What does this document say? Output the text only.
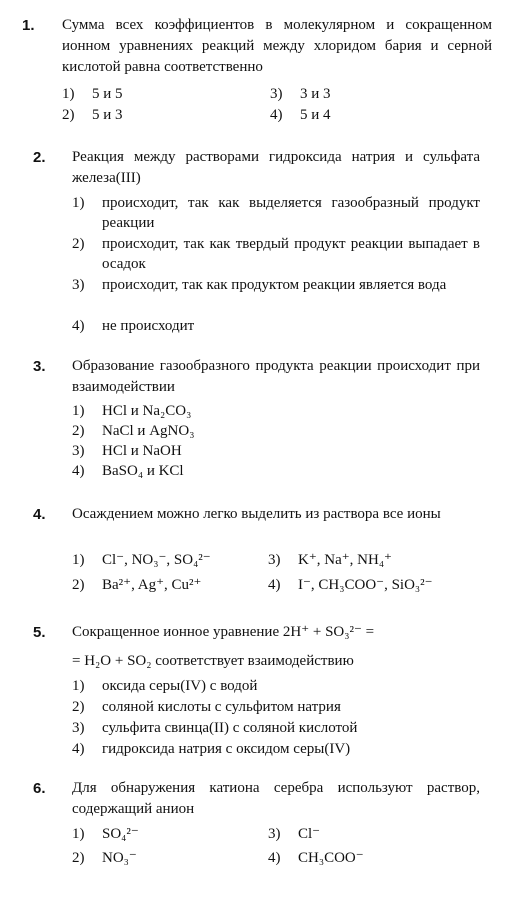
1. Сумма всех коэффициентов в молекулярном и сокращенном ионном уравнениях реакций между хлоридом бария и серной кислотой равна соответственно
1) 5 и 5
2) 5 и 3
3) 3 и 3
4) 5 и 4
2. Реакция между растворами гидроксида натрия и сульфата железа(III)
1)	происходит, так как выделяется газообразный продукт реакции
2)	происходит, так как твердый продукт реакции выпадает в осадок
3)	происходит, так как продуктом реакции является вода
4)	не происходит
3. Образование газообразного продукта реакции происходит при взаимодействии
1) HCl и Na₂CO₃
2) NaCl и AgNO₃
3) HCl и NaOH
4) BaSO₄ и KCl
4. Осаждением можно легко выделить из раствора все ионы
1) Cl⁻, NO₃⁻, SO₄²⁻
2) Ba²⁺, Ag⁺, Cu²⁺
3) K⁺, Na⁺, NH₄⁺
4) I⁻, CH₃COO⁻, SiO₃²⁻
5. Сокращенное ионное уравнение 2H⁺ + SO₃²⁻ =
= H₂O + SO₂ соответствует взаимодействию
1) оксида серы(IV) с водой
2) соляной кислоты с сульфитом натрия
3) сульфита свинца(II) с соляной кислотой
4) гидроксида натрия с оксидом серы(IV)
6. Для обнаружения катиона серебра используют раствор, содержащий анион
1) SO₄²⁻
2) NO₃⁻
3) Cl⁻
4) CH₃COO⁻
